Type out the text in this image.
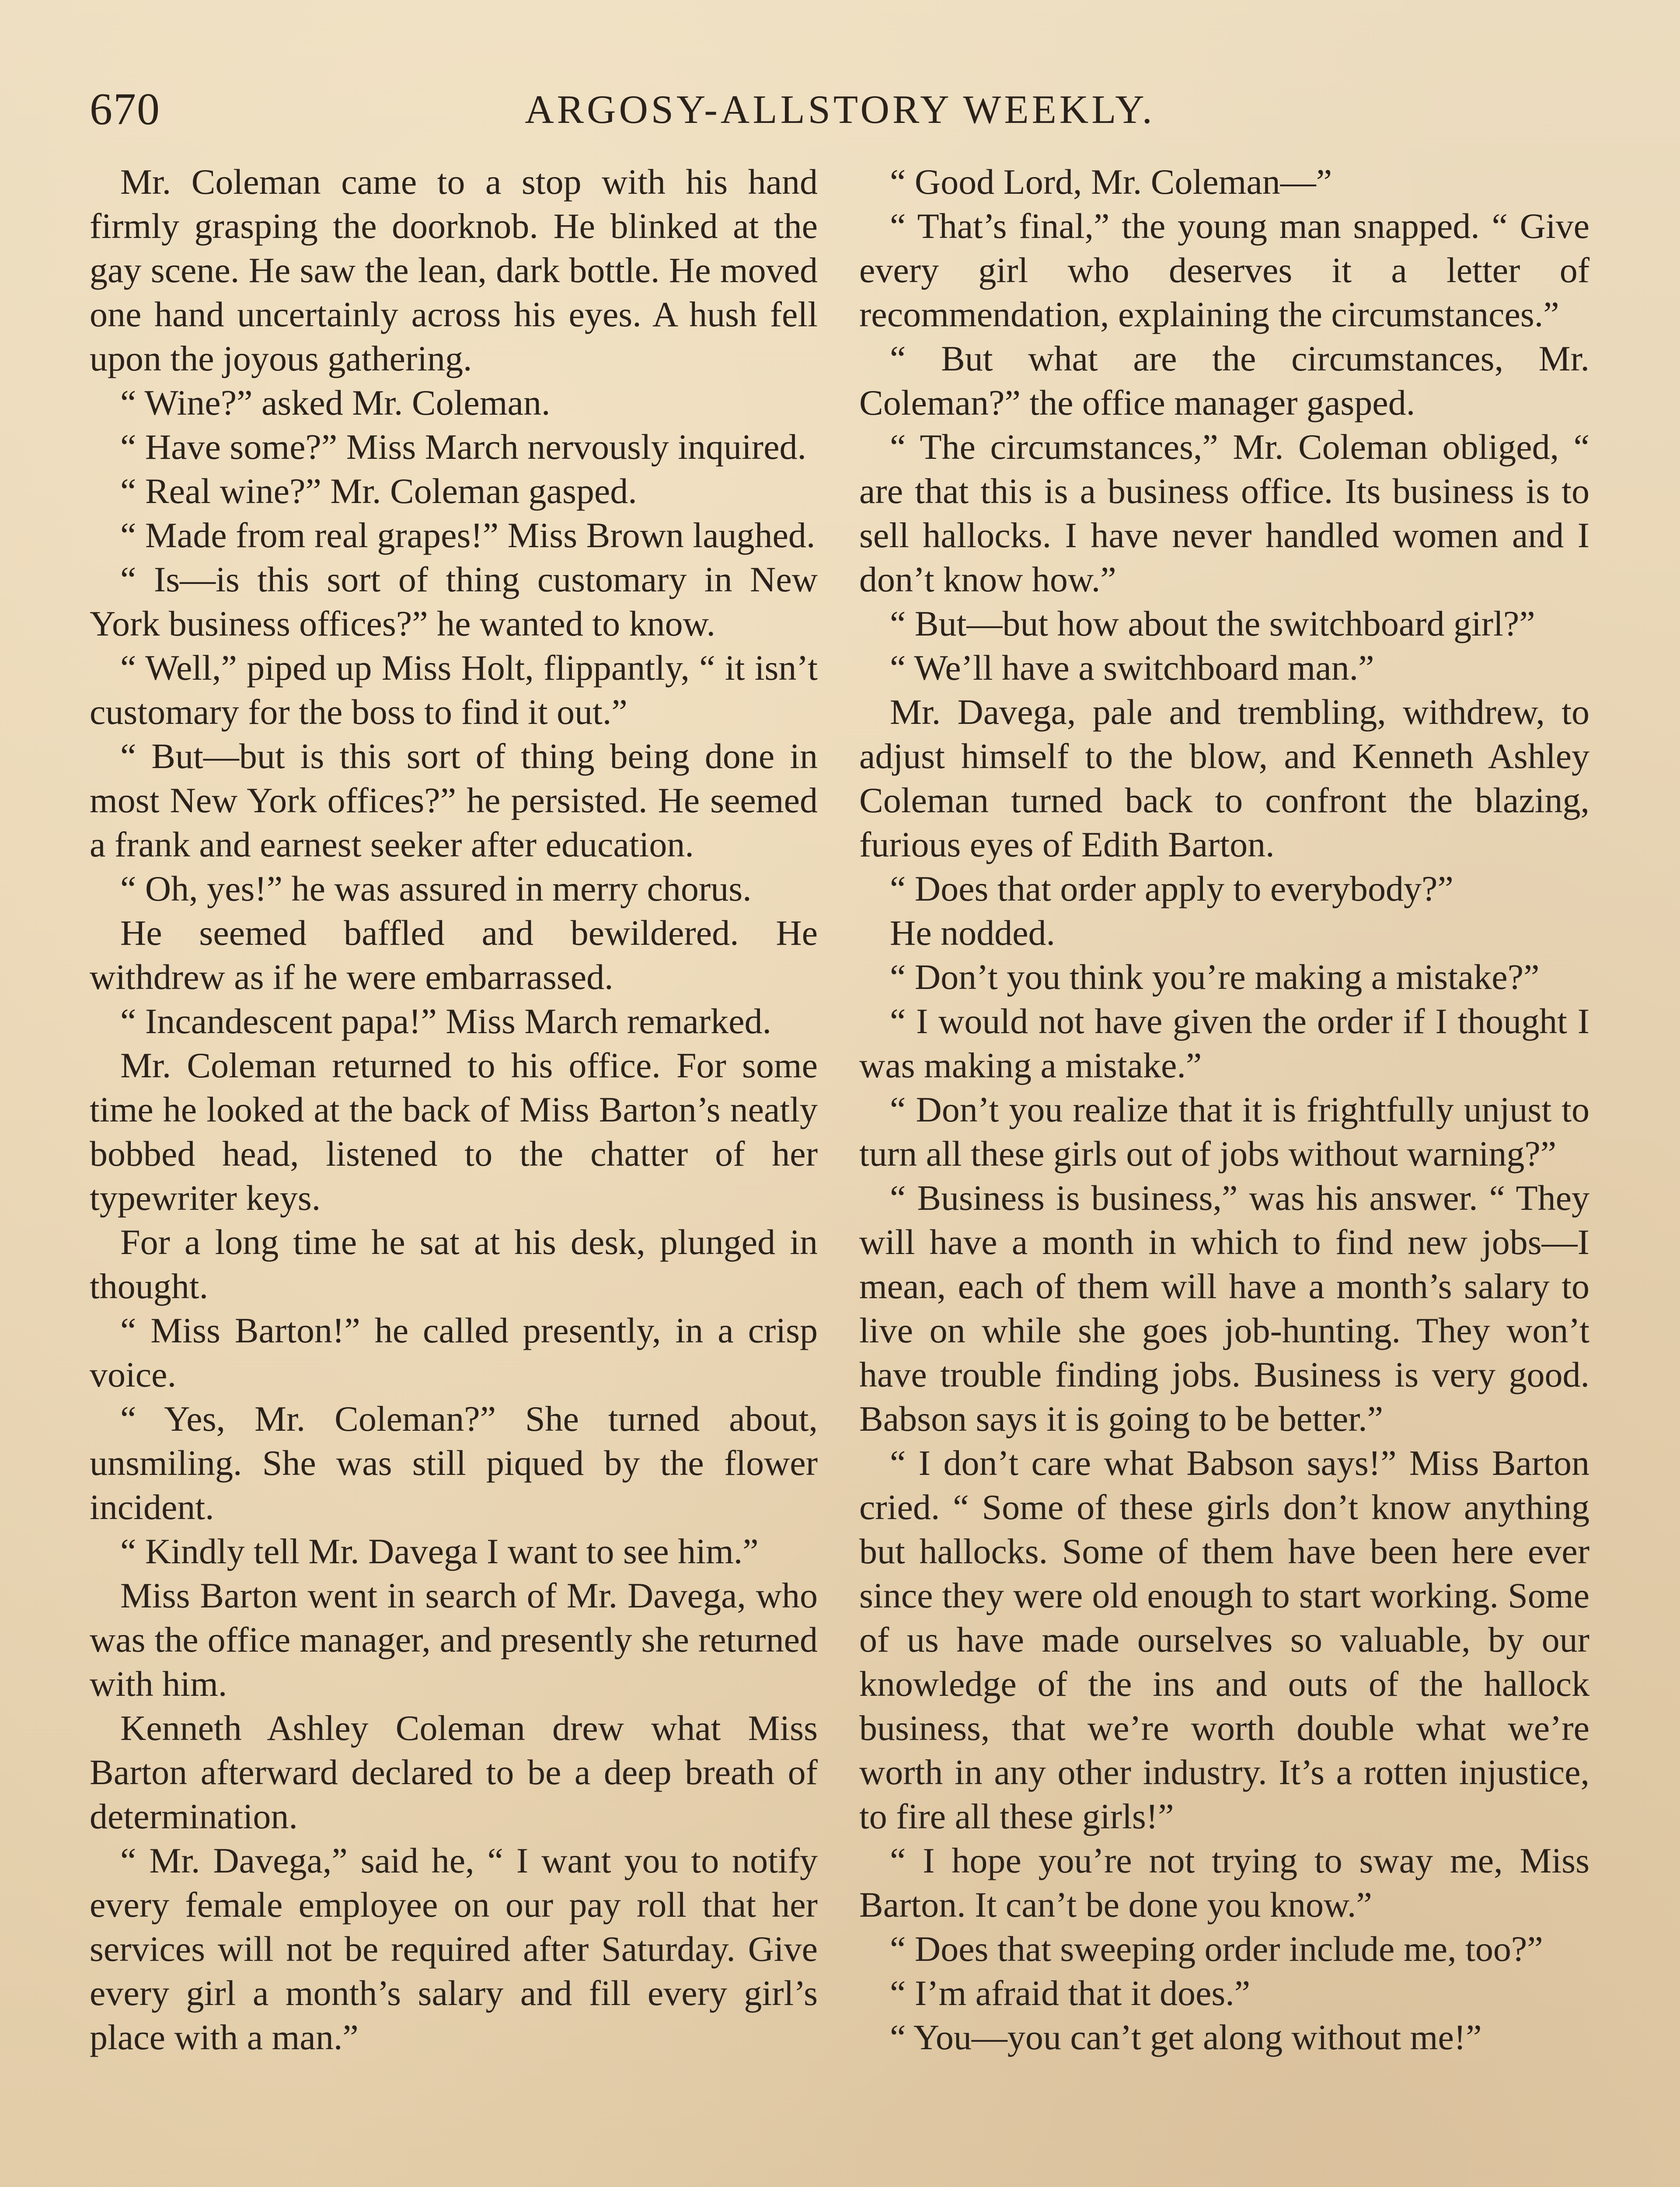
670	ARGOSY-ALLSTORY WEEKLY.

Mr. Coleman came to a stop with his hand firmly grasping the doorknob. He blinked at the gay scene. He saw the lean, dark bottle. He moved one hand uncertainly across his eyes. A hush fell upon the joyous gathering.

“ Wine?” asked Mr. Coleman.

“ Have some?” Miss March nervously inquired.

“ Real wine?” Mr. Coleman gasped.

“ Made from real grapes!” Miss Brown laughed.

“ Is—is this sort of thing customary in New York business offices?” he wanted to know.

“ Well,” piped up Miss Holt, flippantly, “ it isn’t customary for the boss to find it out.”

“ But—but is this sort of thing being done in most New York offices?” he persisted. He seemed a frank and earnest seeker after education.

“ Oh, yes!” he was assured in merry chorus.

He seemed baffled and bewildered. He withdrew as if he were embarrassed.

“ Incandescent papa!” Miss March remarked.

Mr. Coleman returned to his office. For some time he looked at the back of Miss Barton’s neatly bobbed head, listened to the chatter of her typewriter keys.

For a long time he sat at his desk, plunged in thought.

“ Miss Barton!” he called presently, in a crisp voice.

“ Yes, Mr. Coleman?” She turned about, unsmiling. She was still piqued by the flower incident.

“ Kindly tell Mr. Davega I want to see him.”

Miss Barton went in search of Mr. Davega, who was the office manager, and presently she returned with him.

Kenneth Ashley Coleman drew what Miss Barton afterward declared to be a deep breath of determination.

“ Mr. Davega,” said he, “ I want you to notify every female employee on our pay roll that her services will not be required after Saturday. Give every girl a month’s salary and fill every girl’s place with a man.”

“ Good Lord, Mr. Coleman—”

“ That’s final,” the young man snapped. “ Give every girl who deserves it a letter of recommendation, explaining the circumstances.”

“ But what are the circumstances, Mr. Coleman?” the office manager gasped.

“ The circumstances,” Mr. Coleman obliged, “ are that this is a business office. Its business is to sell hallocks. I have never handled women and I don’t know how.”

“ But—but how about the switchboard girl?”

“ We’ll have a switchboard man.”

Mr. Davega, pale and trembling, withdrew, to adjust himself to the blow, and Kenneth Ashley Coleman turned back to confront the blazing, furious eyes of Edith Barton.

“ Does that order apply to everybody?”

He nodded.

“ Don’t you think you’re making a mistake?”

“ I would not have given the order if I thought I was making a mistake.”

“ Don’t you realize that it is frightfully unjust to turn all these girls out of jobs without warning?”

“ Business is business,” was his answer. “ They will have a month in which to find new jobs—I mean, each of them will have a month’s salary to live on while she goes job-hunting. They won’t have trouble finding jobs. Business is very good. Babson says it is going to be better.”

“ I don’t care what Babson says!” Miss Barton cried. “ Some of these girls don’t know anything but hallocks. Some of them have been here ever since they were old enough to start working. Some of us have made ourselves so valuable, by our knowledge of the ins and outs of the hallock business, that we’re worth double what we’re worth in any other industry. It’s a rotten injustice, to fire all these girls!”

“ I hope you’re not trying to sway me, Miss Barton. It can’t be done you know.”

“ Does that sweeping order include me, too?”

“ I’m afraid that it does.”

“ You—you can’t get along without me!”
